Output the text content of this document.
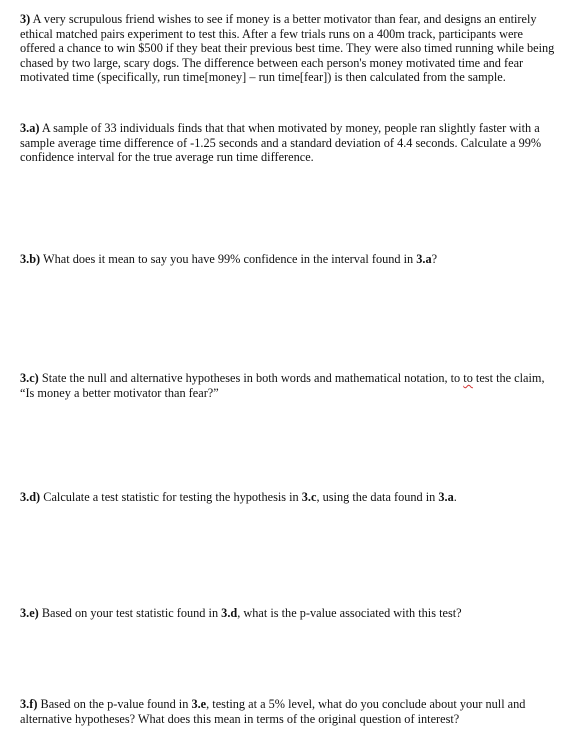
3) A very scrupulous friend wishes to see if money is a better motivator than fear, and designs an entirely ethical matched pairs experiment to test this. After a few trials runs on a 400m track, participants were offered a chance to win $500 if they beat their previous best time. They were also timed running while being chased by two large, scary dogs. The difference between each person's money motivated time and fear motivated time (specifically, run time[money] – run time[fear]) is then calculated from the sample.

3.a) A sample of 33 individuals finds that that when motivated by money, people ran slightly faster with a sample average time difference of -1.25 seconds and a standard deviation of 4.4 seconds. Calculate a 99% confidence interval for the true average run time difference.

3.b) What does it mean to say you have 99% confidence in the interval found in 3.a?

3.c) State the null and alternative hypotheses in both words and mathematical notation, to to test the claim, “Is money a better motivator than fear?”

3.d) Calculate a test statistic for testing the hypothesis in 3.c, using the data found in 3.a.

3.e) Based on your test statistic found in 3.d, what is the p-value associated with this test?

3.f) Based on the p-value found in 3.e, testing at a 5% level, what do you conclude about your null and alternative hypotheses? What does this mean in terms of the original question of interest?
